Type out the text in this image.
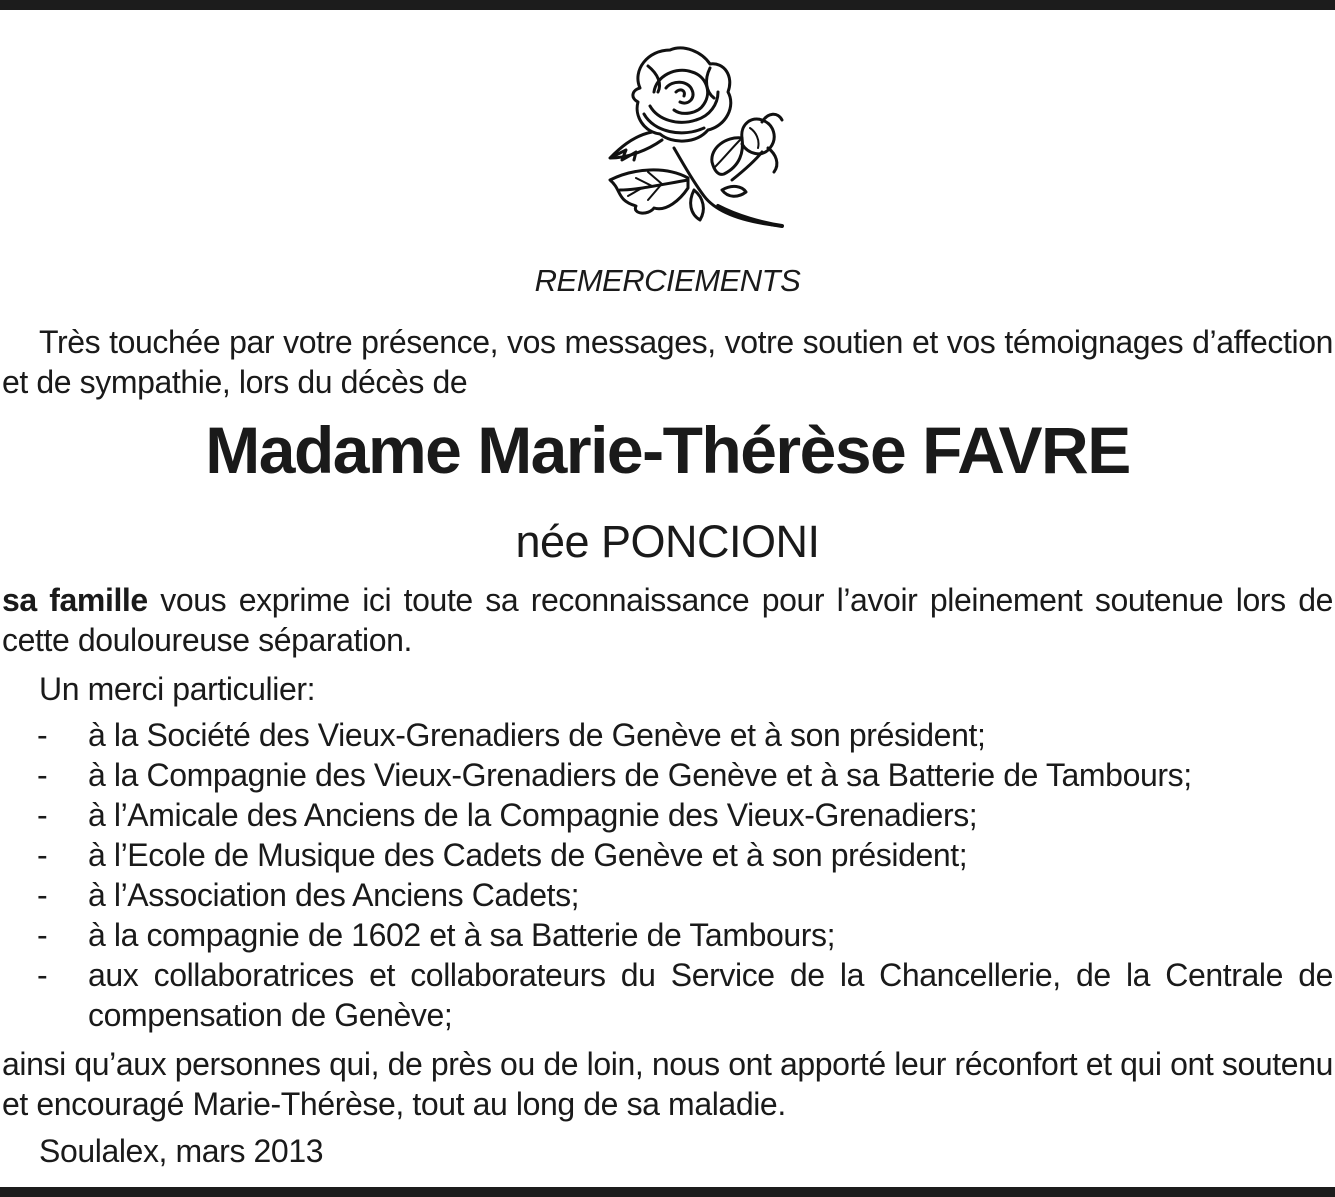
REMERCIEMENTS

Très touchée par votre présence, vos messages, votre soutien et vos témoignages d’affection et de sympathie, lors du décès de

Madame Marie-Thérèse FAVRE
née PONCIONI

sa famille vous exprime ici toute sa reconnaissance pour l’avoir pleinement soutenue lors de cette douloureuse séparation.

Un merci particulier:

- à la Société des Vieux-Grenadiers de Genève et à son président;
- à la Compagnie des Vieux-Grenadiers de Genève et à sa Batterie de Tambours;
- à l’Amicale des Anciens de la Compagnie des Vieux-Grenadiers;
- à l’Ecole de Musique des Cadets de Genève et à son président;
- à l’Association des Anciens Cadets;
- à la compagnie de 1602 et à sa Batterie de Tambours;
- aux collaboratrices et collaborateurs du Service de la Chancellerie, de la Centrale de compensation de Genève;

ainsi qu’aux personnes qui, de près ou de loin, nous ont apporté leur réconfort et qui ont soutenu et encouragé Marie-Thérèse, tout au long de sa maladie.

Soulalex, mars 2013
